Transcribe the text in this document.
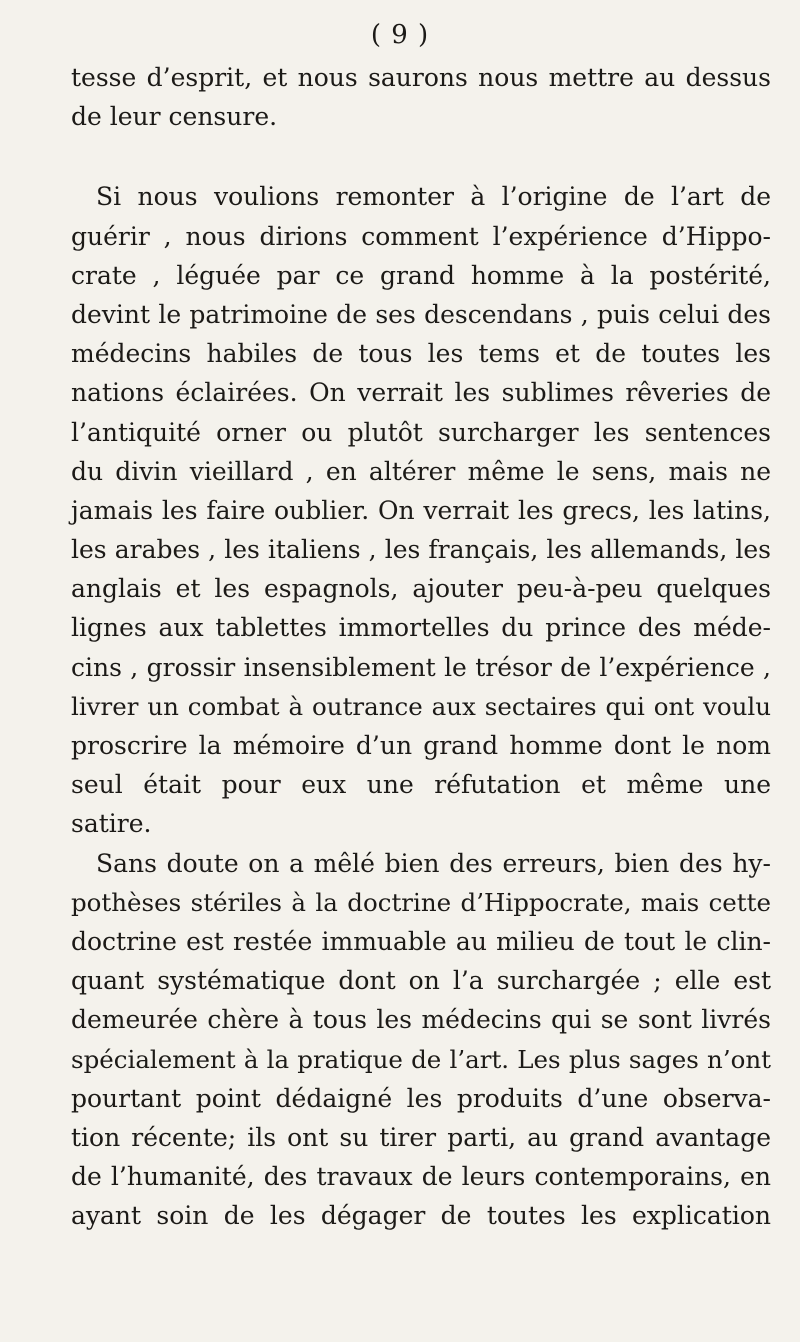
( 9 )
tesse d’esprit, et nous saurons nous mettre au dessus
de leur censure.
Si nous voulions remonter à l’origine de l’art de
guérir , nous dirions comment l’expérience d’Hippo-
crate , léguée par ce grand homme à la postérité,
devint le patrimoine de ses descendans , puis celui des
médecins habiles de tous les tems et de toutes les
nations éclairées. On verrait les sublimes rêveries de
l’antiquité orner ou plutôt surcharger les sentences
du divin vieillard , en altérer même le sens, mais ne
jamais les faire oublier. On verrait les grecs, les latins,
les arabes , les italiens , les français, les allemands, les
anglais et les espagnols, ajouter peu-à-peu quelques
lignes aux tablettes immortelles du prince des méde-
cins , grossir insensiblement le trésor de l’expérience ,
livrer un combat à outrance aux sectaires qui ont voulu
proscrire la mémoire d’un grand homme dont le nom
seul était pour eux une réfutation et même une
satire.
Sans doute on a mêlé bien des erreurs, bien des hy-
pothèses stériles à la doctrine d’Hippocrate, mais cette
doctrine est restée immuable au milieu de tout le clin-
quant systématique dont on l’a surchargée ; elle est
demeurée chère à tous les médecins qui se sont livrés
spécialement à la pratique de l’art. Les plus sages n’ont
pourtant point dédaigné les produits d’une observa-
tion récente; ils ont su tirer parti, au grand avantage
de l’humanité, des travaux de leurs contemporains, en
ayant soin de les dégager de toutes les explication
